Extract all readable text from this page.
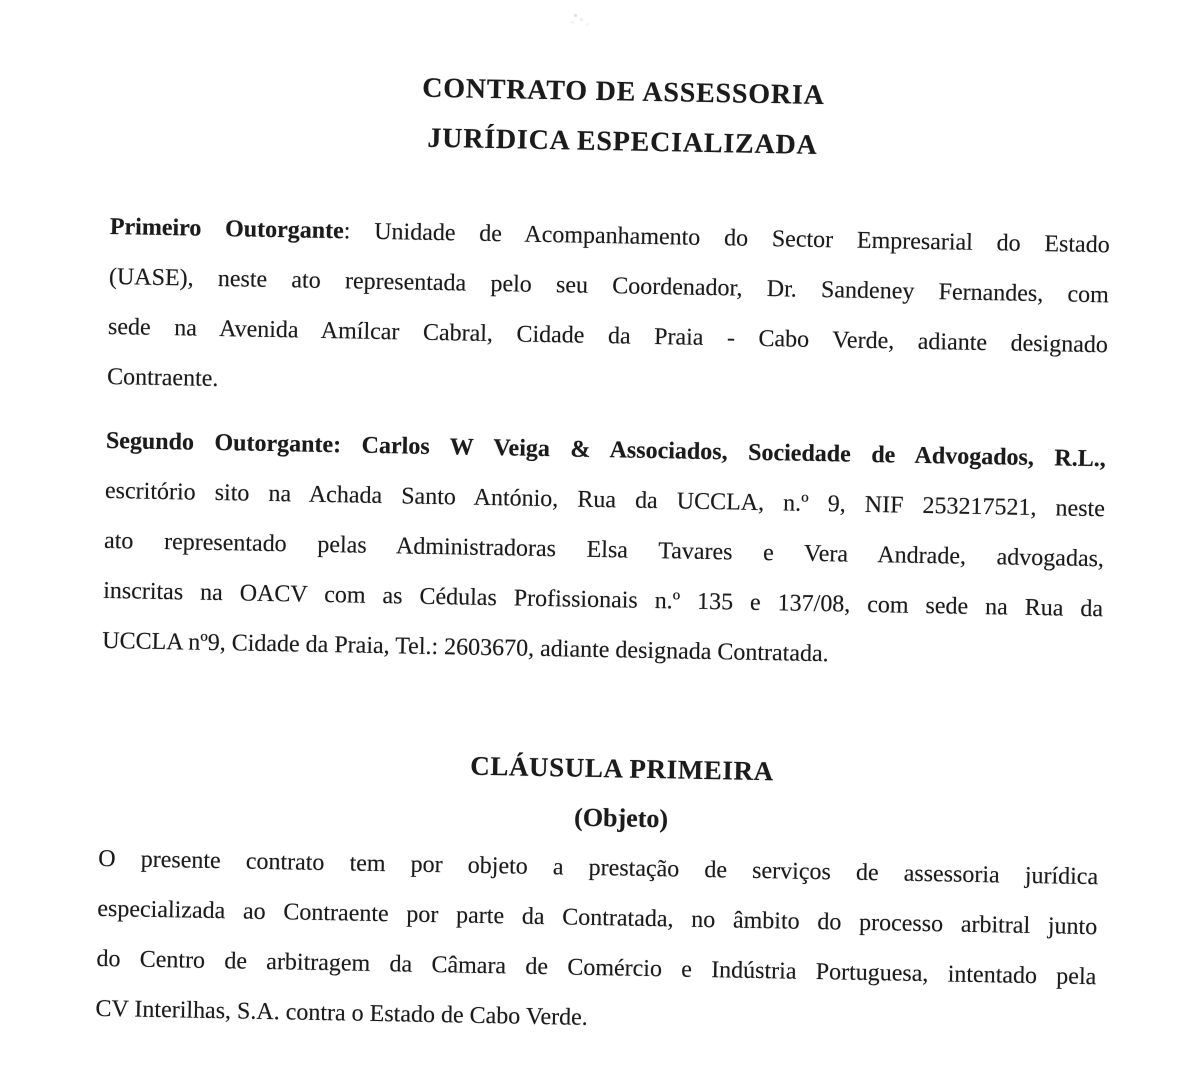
CONTRATO DE ASSESSORIA
JURÍDICA ESPECIALIZADA
Primeiro Outorgante: Unidade de Acompanhamento do Sector Empresarial do Estado
(UASE), neste ato representada pelo seu Coordenador, Dr. Sandeney Fernandes, com
sede na Avenida Amílcar Cabral, Cidade da Praia - Cabo Verde, adiante designado
Contraente.
Segundo Outorgante: Carlos W Veiga & Associados, Sociedade de Advogados, R.L.,
escritório sito na Achada Santo António, Rua da UCCLA, n.º 9, NIF 253217521, neste
ato representado pelas Administradoras Elsa Tavares e Vera Andrade, advogadas,
inscritas na OACV com as Cédulas Profissionais n.º 135 e 137/08, com sede na Rua da
UCCLA nº9, Cidade da Praia, Tel.: 2603670, adiante designada Contratada.
CLÁUSULA PRIMEIRA
(Objeto)
O presente contrato tem por objeto a prestação de serviços de assessoria jurídica
especializada ao Contraente por parte da Contratada, no âmbito do processo arbitral junto
do Centro de arbitragem da Câmara de Comércio e Indústria Portuguesa, intentado pela
CV Interilhas, S.A. contra o Estado de Cabo Verde.
